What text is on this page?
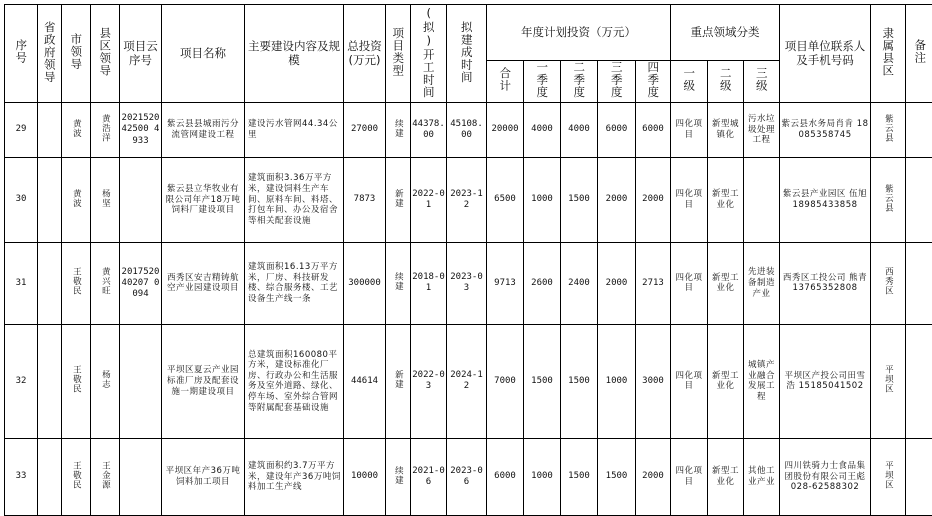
序号	省政府领导	市领导	县区领导	项目云序号	项目名称	主要建设内容及规模	总投资(万元)	项目类型	(拟)开工时间	拟建成时间	年度计划投资（万元）					重点领域分类			项目单位联系人及手机号码	隶属县区	备注
											合计	一季度	二季度	三季度	四季度	一级	二级	三级			
29		黄波	黄浩洋	202152042500 4933	紫云县县城雨污分流管网建设工程	建设污水管网44.34公里	27000	续建	44378.00	45108.00	20000	4000	4000	6000	6000	四化项目	新型城镇化	污水垃圾处理工程	紫云县水务局肖肯 18085358745	紫云县	
30		黄波	杨坚		紫云县立华牧业有限公司年产18万吨饲料厂建设项目	建筑面积3.36万平方米，建设饲料生产车间、原料车间、料塔、打包车间、办公及宿舍等相关配套设施	7873	新建	2022-01	2023-12	6500	1000	1500	2000	2000	四化项目	新型工业化		紫云县产业园区 伍旭 18985433858	紫云县	
31		王敬民	黄兴旺	201752040207 0094	西秀区安吉精铸航空产业园建设项目	建筑面积16.13万平方米，厂房、科技研发楼、综合服务楼、工艺设备生产线一条	300000	续建	2018-01	2023-03	9713	2600	2400	2000	2713	四化项目	新型工业化	先进装备制造产业	西秀区工投公司 熊青 13765352808	西秀区	
32		王敬民	杨志		平坝区夏云产业园标准厂房及配套设施一期建设项目	总建筑面积160080平方米，建设标准化厂房、行政办公和生活服务及室外道路、绿化、停车场、室外综合管网等附属配套基础设施	44614	新建	2022-03	2024-12	7000	1500	1500	1000	3000	四化项目	新型工业化	城镇产业融合发展工程	平坝区产投公司田雪浩 15185041502	平坝区	
33		王敬民	王金源		平坝区年产36万吨饲料加工项目	建筑面积约3.7万平方米，建设年产36万吨饲料加工生产线	10000	续建	2021-06	2023-06	6000	1000	1500	1500	2000	四化项目	新型工业化	其他工业产业	四川铁骑力士食品集团股份有限公司王彪 028-62588302	平坝区	
